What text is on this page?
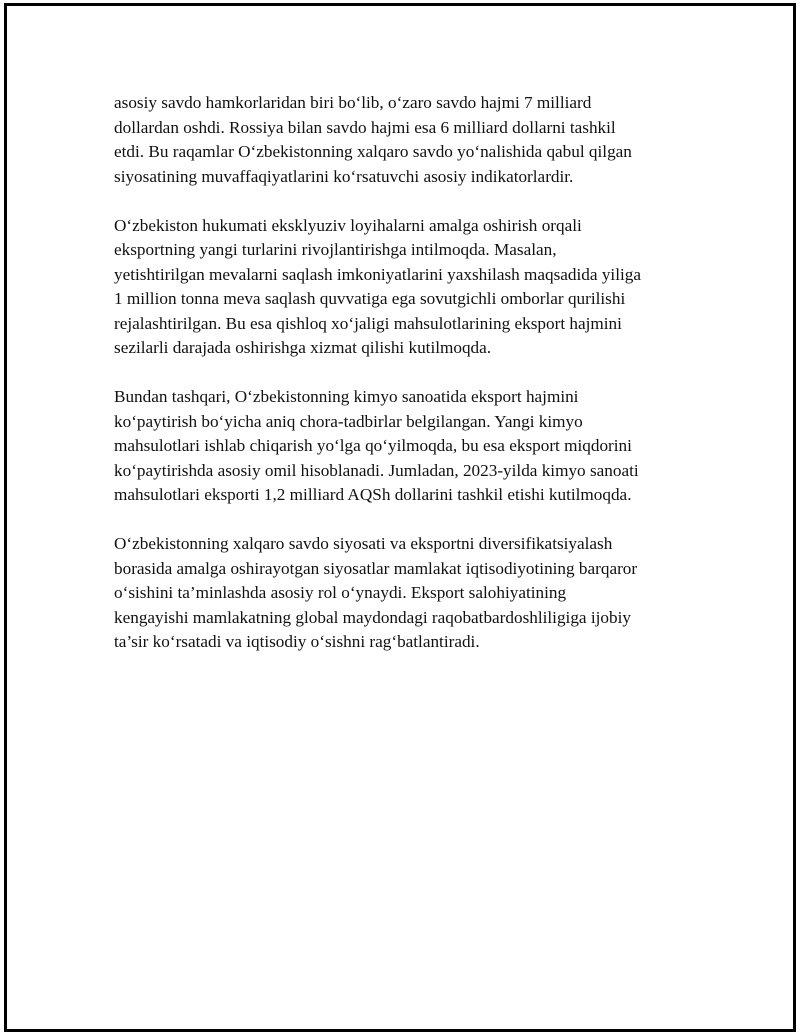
asosiy savdo hamkorlaridan biri bo‘lib, o‘zaro savdo hajmi 7 milliard
dollardan oshdi. Rossiya bilan savdo hajmi esa 6 milliard dollarni tashkil
etdi. Bu raqamlar O‘zbekistonning xalqaro savdo yo‘nalishida qabul qilgan
siyosatining muvaffaqiyatlarini ko‘rsatuvchi asosiy indikatorlardir.

O‘zbekiston hukumati eksklyuziv loyihalarni amalga oshirish orqali
eksportning yangi turlarini rivojlantirishga intilmoqda. Masalan,
yetishtirilgan mevalarni saqlash imkoniyatlarini yaxshilash maqsadida yiliga
1 million tonna meva saqlash quvvatiga ega sovutgichli omborlar qurilishi
rejalashtirilgan. Bu esa qishloq xo‘jaligi mahsulotlarining eksport hajmini
sezilarli darajada oshirishga xizmat qilishi kutilmoqda.

Bundan tashqari, O‘zbekistonning kimyo sanoatida eksport hajmini
ko‘paytirish bo‘yicha aniq chora-tadbirlar belgilangan. Yangi kimyo
mahsulotlari ishlab chiqarish yo‘lga qo‘yilmoqda, bu esa eksport miqdorini
ko‘paytirishda asosiy omil hisoblanadi. Jumladan, 2023-yilda kimyo sanoati
mahsulotlari eksporti 1,2 milliard AQSh dollarini tashkil etishi kutilmoqda.

O‘zbekistonning xalqaro savdo siyosati va eksportni diversifikatsiyalash
borasida amalga oshirayotgan siyosatlar mamlakat iqtisodiyotining barqaror
o‘sishini ta’minlashda asosiy rol o‘ynaydi. Eksport salohiyatining
kengayishi mamlakatning global maydondagi raqobatbardoshliligiga ijobiy
ta’sir ko‘rsatadi va iqtisodiy o‘sishni rag‘batlantiradi.
